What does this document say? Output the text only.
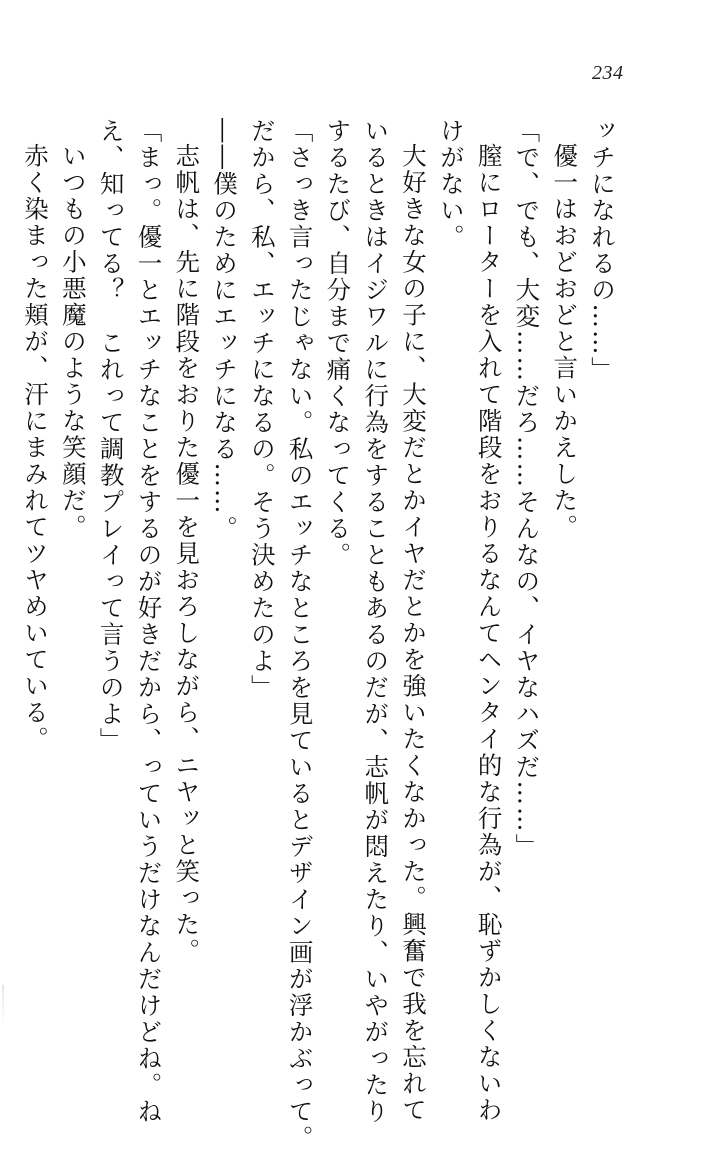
234
ッチになれるの……」
優一はおどおどと言いかえした。
「で、でも、大変……だろ……そんなの、イヤなハズだ……」
膣にローターを入れて階段をおりるなんてヘンタイ的な行為が、恥ずかしくないわ
けがない。
大好きな女の子に、大変だとかイヤだとかを強いたくなかった。興奮で我を忘れて
いるときはイジワルに行為をすることもあるのだが、志帆が悶えたり、いやがったり
するたび、自分まで痛くなってくる。
「さっき言ったじゃない。私のエッチなところを見ているとデザイン画が浮かぶって。
だから、私、エッチになるの。そう決めたのよ」
――僕のためにエッチになる……。
志帆は、先に階段をおりた優一を見おろしながら、ニヤッと笑った。
「まっ。優一とエッチなことをするのが好きだから、っていうだけなんだけどね。ね
え、知ってる？　これって調教プレイって言うのよ」
いつもの小悪魔のような笑顔だ。
赤く染まった頬が、汗にまみれてツヤめいている。
